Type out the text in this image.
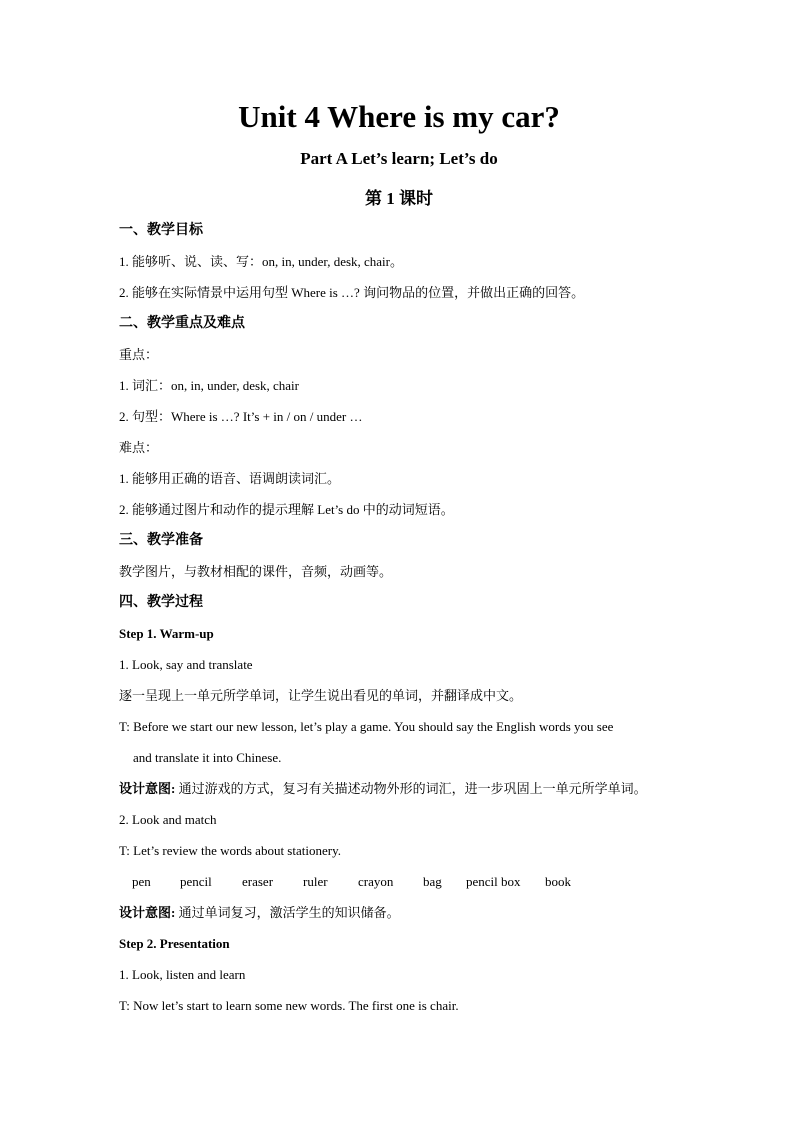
Unit 4 Where is my car?
Part A Let’s learn; Let’s do
第 1 课时

一、教学目标

1. 能够听、说、读、写：on, in, under, desk, chair。

2. 能够在实际情景中运用句型 Where is …? 询问物品的位置，并做出正确的回答。

二、教学重点及难点

重点：

1. 词汇：on, in, under, desk, chair

2. 句型：Where is …? It’s + in / on / under …

难点：

1. 能够用正确的语音、语调朗读词汇。

2. 能够通过图片和动作的提示理解 Let’s do 中的动词短语。

三、教学准备

教学图片，与教材相配的课件，音频，动画等。

四、教学过程

Step 1. Warm-up

1. Look, say and translate

逐一呈现上一单元所学单词，让学生说出看见的单词，并翻译成中文。

T: Before we start our new lesson, let’s play a game. You should say the English words you see

and translate it into Chinese.

设计意图: 通过游戏的方式，复习有关描述动物外形的词汇，进一步巩固上一单元所学单词。

2. Look and match

T: Let’s review the words about stationery.

pen	pencil	eraser	ruler	crayon	bag	pencil box	book

设计意图: 通过单词复习，激活学生的知识储备。

Step 2. Presentation

1. Look, listen and learn

T: Now let’s start to learn some new words. The first one is chair.
